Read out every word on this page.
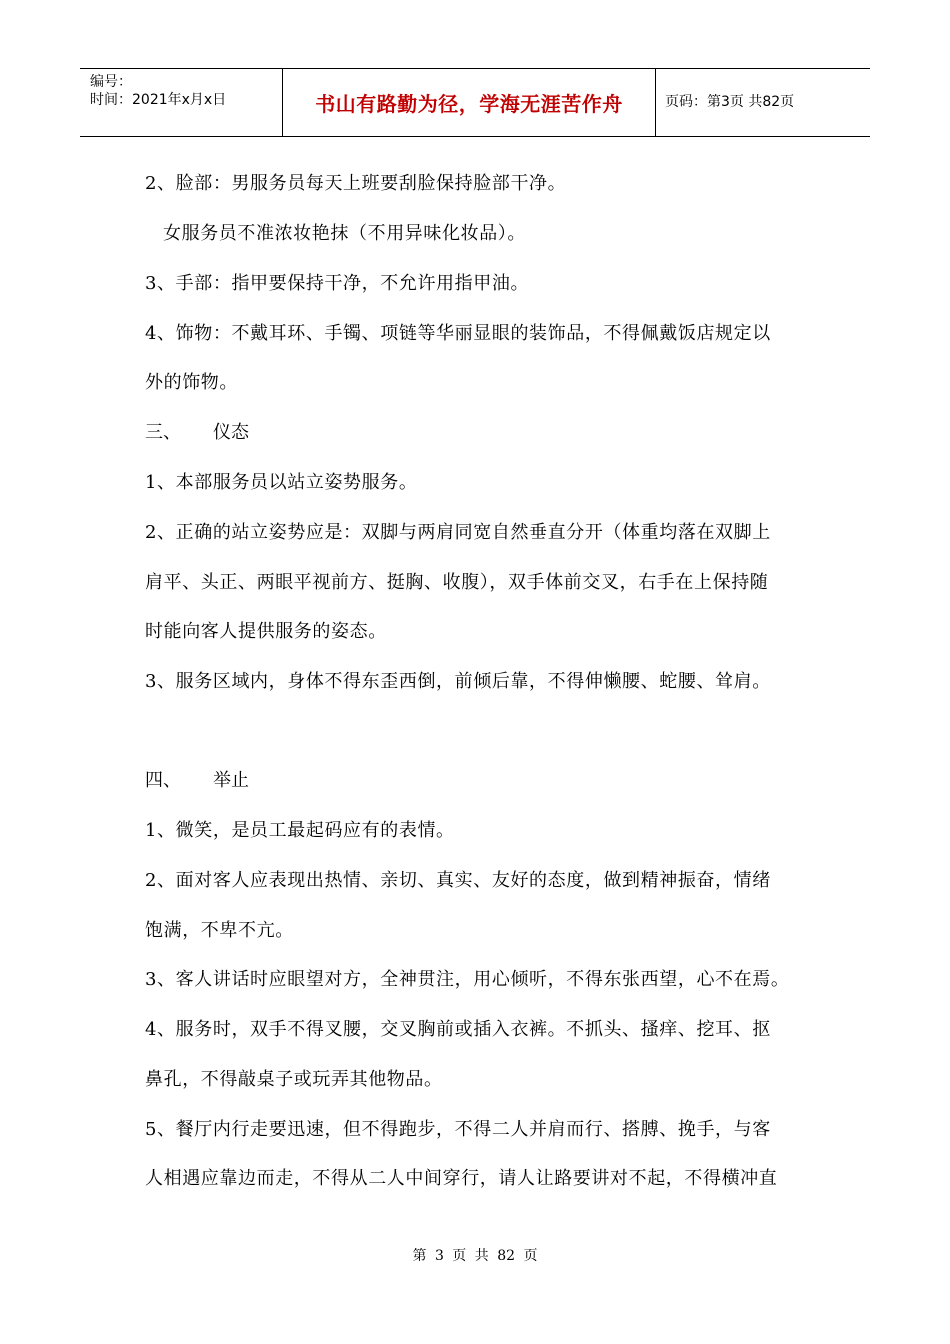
编号：
时间：2021年x月x日	书山有路勤为径，学海无涯苦作舟	页码：第3页 共82页
2、脸部：男服务员每天上班要刮脸保持脸部干净。
女服务员不准浓妆艳抹（不用异味化妆品）。
3、手部：指甲要保持干净，不允许用指甲油。
4、饰物：不戴耳环、手镯、项链等华丽显眼的装饰品，不得佩戴饭店规定以
外的饰物。
三、 仪态
1、本部服务员以站立姿势服务。
2、正确的站立姿势应是：双脚与两肩同宽自然垂直分开（体重均落在双脚上
肩平、头正、两眼平视前方、挺胸、收腹），双手体前交叉，右手在上保持随
时能向客人提供服务的姿态。
3、服务区域内，身体不得东歪西倒，前倾后靠，不得伸懒腰、蛇腰、耸肩。
四、 举止
1、微笑，是员工最起码应有的表情。
2、面对客人应表现出热情、亲切、真实、友好的态度，做到精神振奋，情绪
饱满，不卑不亢。
3、客人讲话时应眼望对方，全神贯注，用心倾听，不得东张西望，心不在焉。
4、服务时，双手不得叉腰，交叉胸前或插入衣裤。不抓头、搔痒、挖耳、抠
鼻孔，不得敲桌子或玩弄其他物品。
5、餐厅内行走要迅速，但不得跑步，不得二人并肩而行、搭膊、挽手，与客
人相遇应靠边而走，不得从二人中间穿行，请人让路要讲对不起，不得横冲直
第 3 页 共 82 页
